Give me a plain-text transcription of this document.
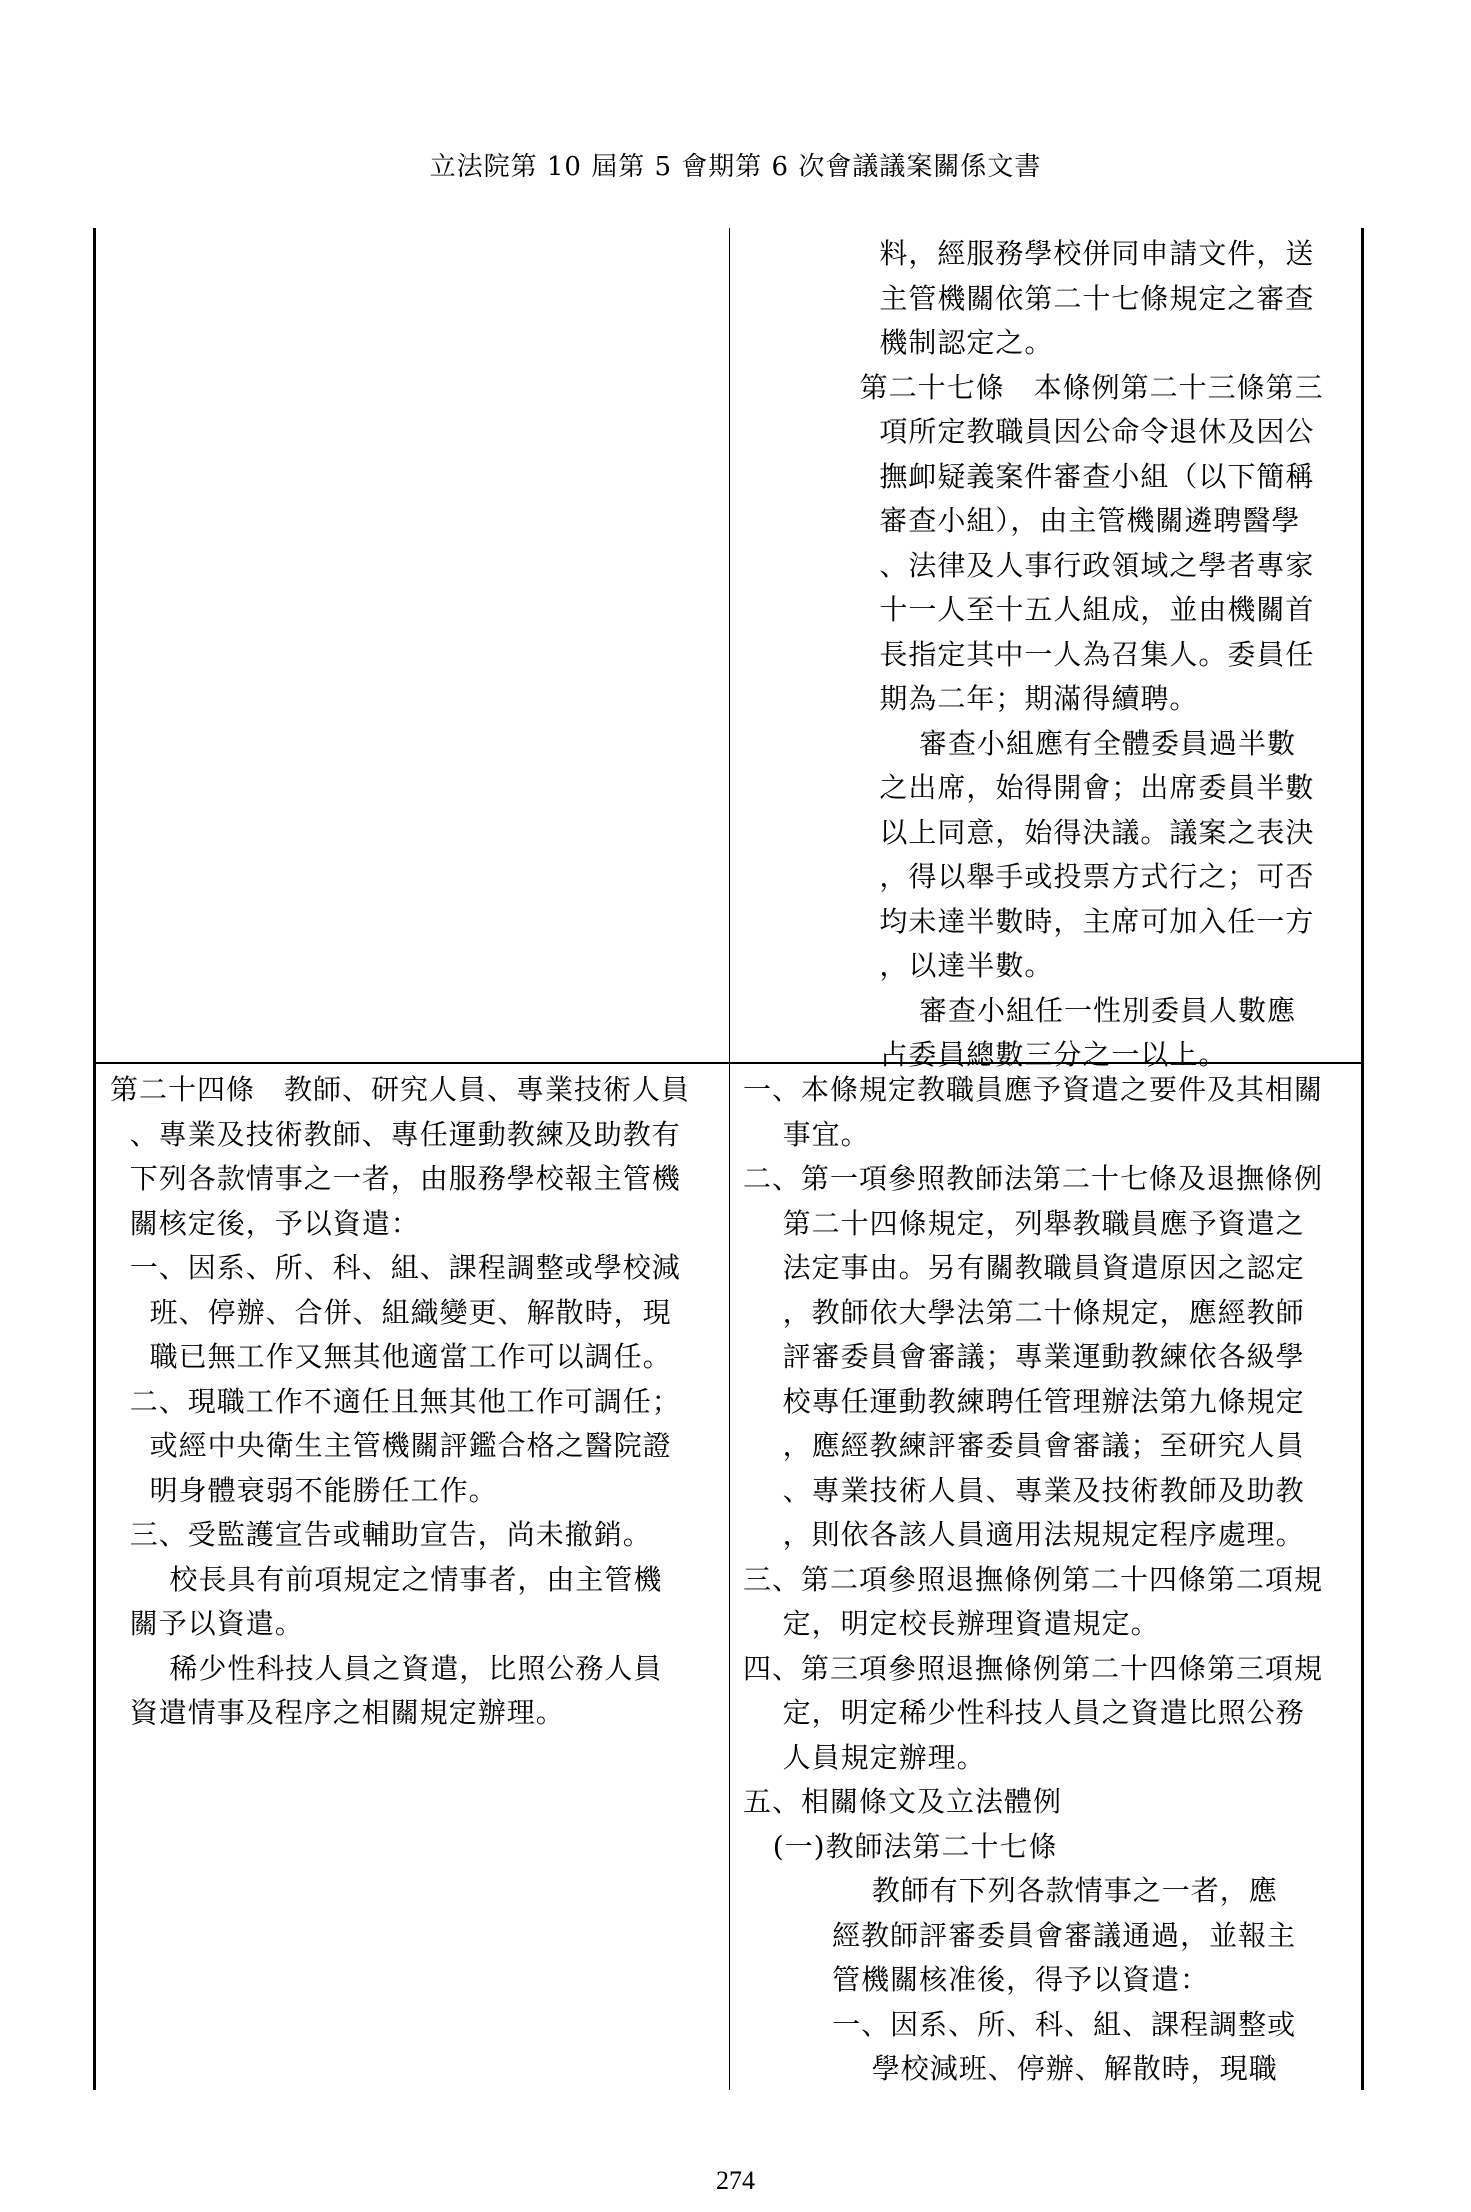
立法院第 10 屆第 5 會期第 6 次會議議案關係文書
料，經服務學校併同申請文件，送
主管機關依第二十七條規定之審查
機制認定之。
第二十七條　本條例第二十三條第三
項所定教職員因公命令退休及因公
撫卹疑義案件審查小組（以下簡稱
審查小組），由主管機關遴聘醫學
、法律及人事行政領域之學者專家
十一人至十五人組成，並由機關首
長指定其中一人為召集人。委員任
期為二年；期滿得續聘。
審查小組應有全體委員過半數
之出席，始得開會；出席委員半數
以上同意，始得決議。議案之表決
，得以舉手或投票方式行之；可否
均未達半數時，主席可加入任一方
，以達半數。
審查小組任一性別委員人數應
占委員總數三分之一以上。
第二十四條　教師、研究人員、專業技術人員
、專業及技術教師、專任運動教練及助教有
下列各款情事之一者，由服務學校報主管機
關核定後，予以資遣：
一、因系、所、科、組、課程調整或學校減
班、停辦、合併、組織變更、解散時，現
職已無工作又無其他適當工作可以調任。
二、現職工作不適任且無其他工作可調任；
或經中央衛生主管機關評鑑合格之醫院證
明身體衰弱不能勝任工作。
三、受監護宣告或輔助宣告，尚未撤銷。
校長具有前項規定之情事者，由主管機
關予以資遣。
稀少性科技人員之資遣，比照公務人員
資遣情事及程序之相關規定辦理。
一、本條規定教職員應予資遣之要件及其相關
事宜。
二、第一項參照教師法第二十七條及退撫條例
第二十四條規定，列舉教職員應予資遣之
法定事由。另有關教職員資遣原因之認定
，教師依大學法第二十條規定，應經教師
評審委員會審議；專業運動教練依各級學
校專任運動教練聘任管理辦法第九條規定
，應經教練評審委員會審議；至研究人員
、專業技術人員、專業及技術教師及助教
，則依各該人員適用法規規定程序處理。
三、第二項參照退撫條例第二十四條第二項規
定，明定校長辦理資遣規定。
四、第三項參照退撫條例第二十四條第三項規
定，明定稀少性科技人員之資遣比照公務
人員規定辦理。
五、相關條文及立法體例
(一)教師法第二十七條
教師有下列各款情事之一者，應
經教師評審委員會審議通過，並報主
管機關核准後，得予以資遣：
一、因系、所、科、組、課程調整或
學校減班、停辦、解散時，現職
274
